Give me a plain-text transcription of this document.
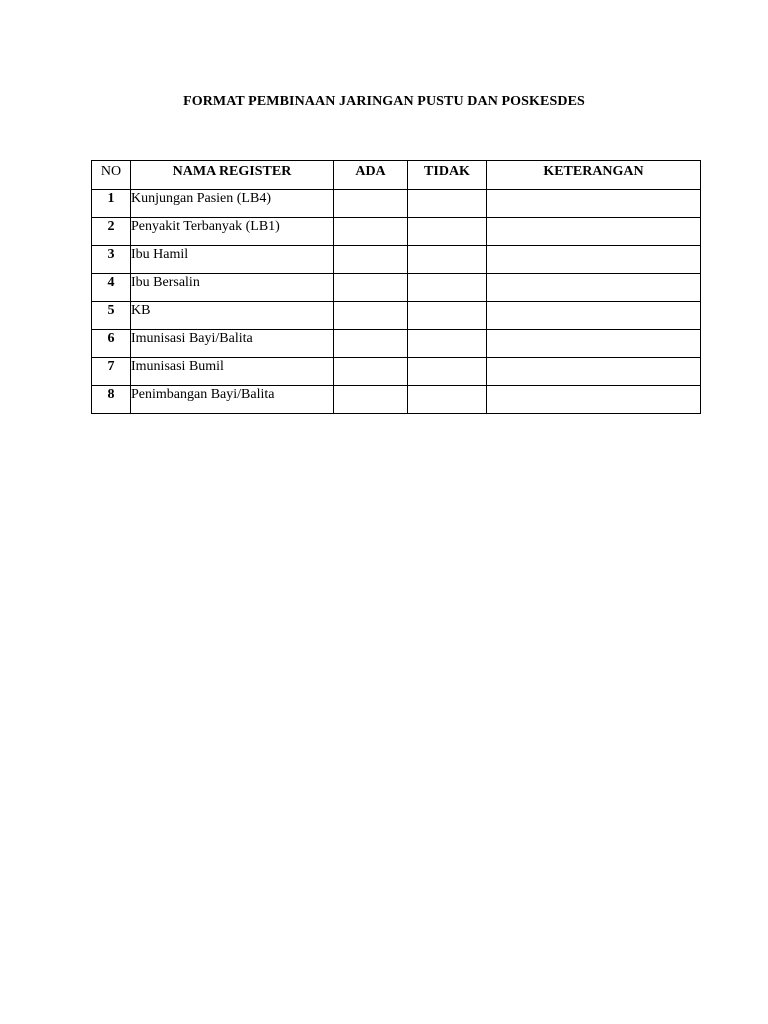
FORMAT PEMBINAAN JARINGAN PUSTU DAN POSKESDES
NO	NAMA REGISTER	ADA	TIDAK	KETERANGAN
1	Kunjungan Pasien (LB4)			
2	Penyakit Terbanyak (LB1)			
3	Ibu Hamil			
4	Ibu Bersalin			
5	KB			
6	Imunisasi Bayi/Balita			
7	Imunisasi Bumil			
8	Penimbangan Bayi/Balita			
